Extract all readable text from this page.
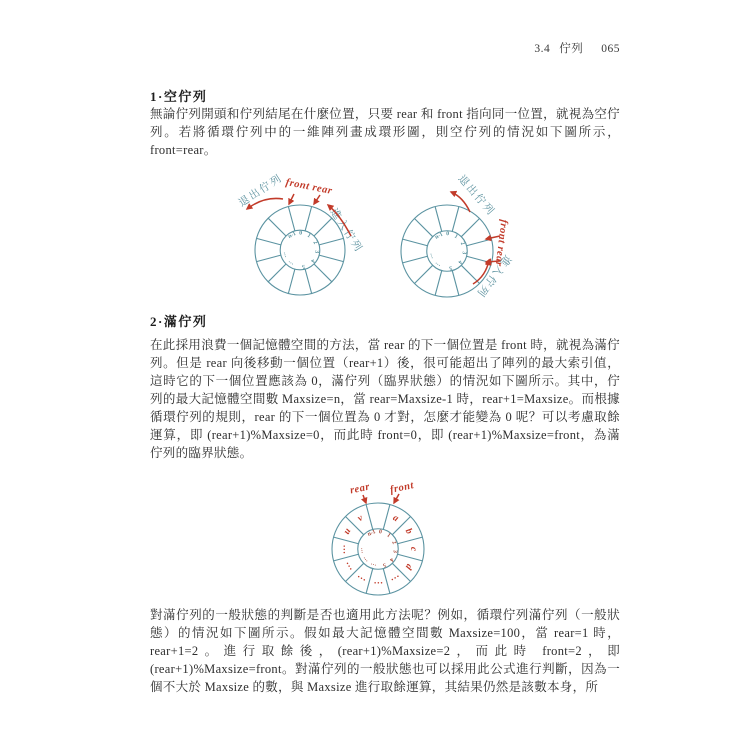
3.4 佇列 065
1·空佇列

無論佇列開頭和佇列結尾在什麼位置，只要 rear 和 front 指向同一位置，就視為空佇列。若將循環佇列中的一維陣列畫成環形圖，則空佇列的情況如下圖所示，front=rear。

n-1 0 1
2
3
4
5
…
…
退出佇列 front rear
進入佇列	n-1 0 1
2
3
4
5
…
…
退出佇列
front rear
進入佇列
2·滿佇列

在此採用浪費一個記憶體空間的方法，當 rear 的下一個位置是 front 時，就視為滿佇列。但是 rear 向後移動一個位置（rear+1）後，很可能超出了陣列的最大索引值，這時它的下一個位置應該為 0，滿佇列（臨界狀態）的情況如下圖所示。其中，佇列的最大記憶體空間數 Maxsize=n，當 rear=Maxsize-1 時，rear+1=Maxsize。而根據循環佇列的規則，rear 的下一個位置為 0 才對，怎麼才能變為 0 呢？可以考慮取餘運算，即 (rear+1)%Maxsize=0，而此時 front=0，即 (rear+1)%Maxsize=front，為滿佇列的臨界狀態。

n-1 0
1
2
3
4
5
…
…
…
a
b
c
d
…
…
…
…
…
u
v
rear front

對滿佇列的一般狀態的判斷是否也適用此方法呢？例如，循環佇列滿佇列（一般狀態）的情況如下圖所示。假如最大記憶體空間數 Maxsize=100，當 rear=1 時，rear+1=2。進行取餘後，(rear+1)%Maxsize=2，而此時 front=2，即 (rear+1)%Maxsize=front。對滿佇列的一般狀態也可以採用此公式進行判斷，因為一個不大於 Maxsize 的數，與 Maxsize 進行取餘運算，其結果仍然是該數本身，所
